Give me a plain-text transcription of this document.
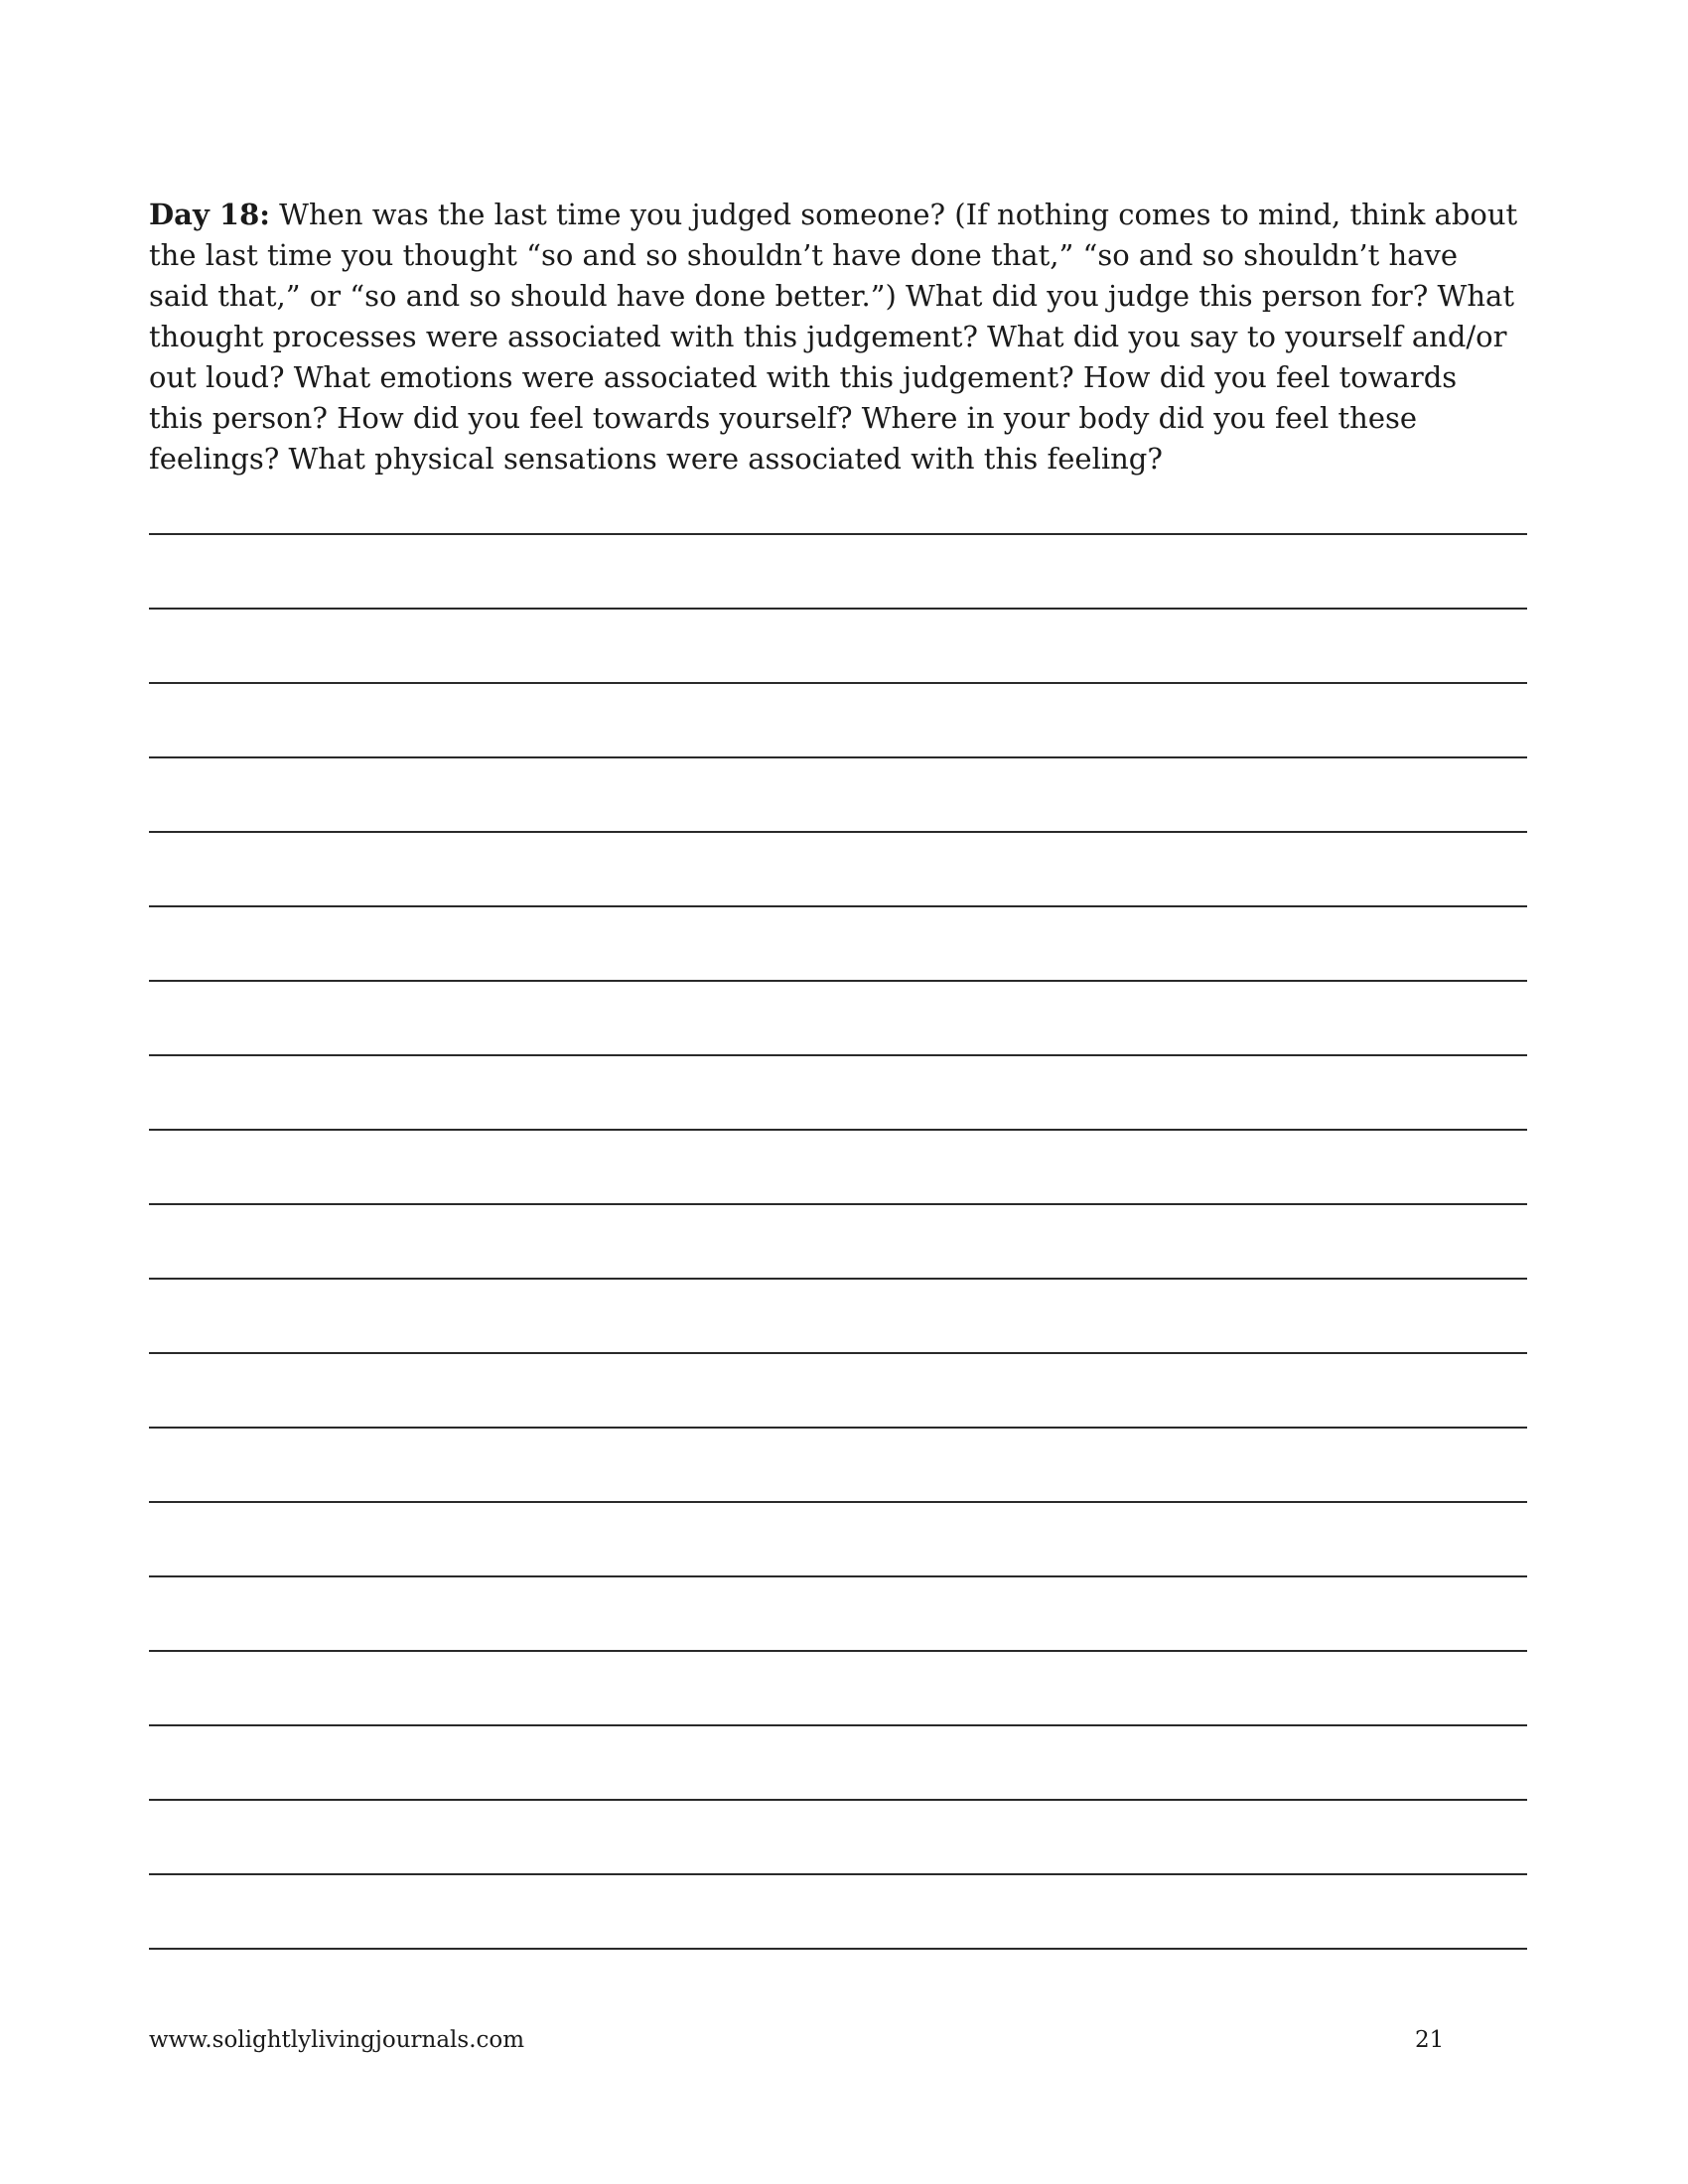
Day 18: When was the last time you judged someone? (If nothing comes to mind, think about the last time you thought “so and so shouldn’t have done that,” “so and so shouldn’t have said that,” or “so and so should have done better.”) What did you judge this person for? What thought processes were associated with this judgement? What did you say to yourself and/or out loud? What emotions were associated with this judgement? How did you feel towards this person? How did you feel towards yourself? Where in your body did you feel these feelings? What physical sensations were associated with this feeling?

www.solightlylivingjournals.com	21
